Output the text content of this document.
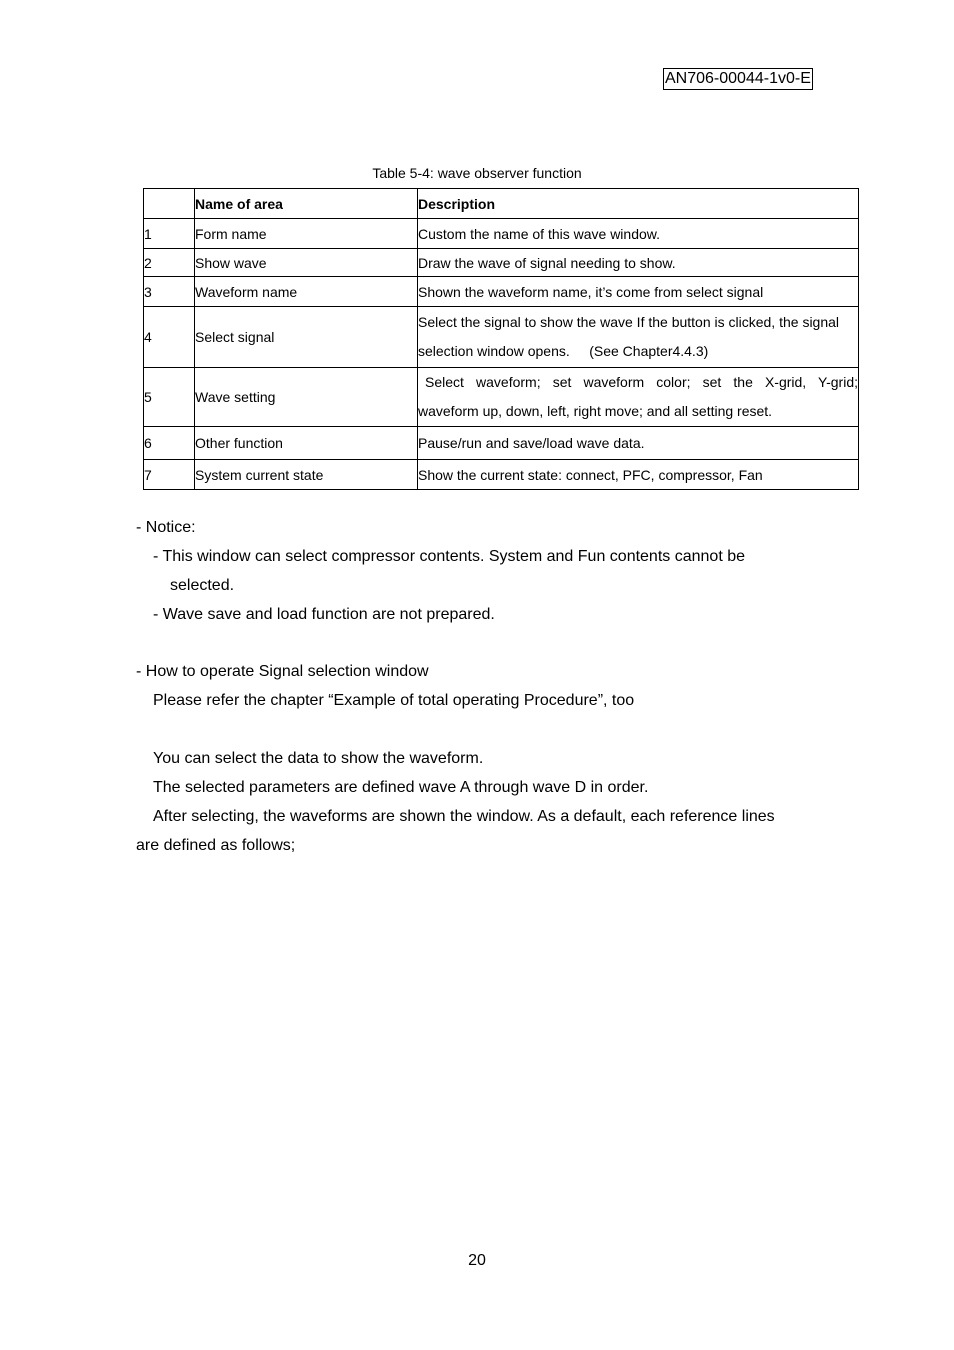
AN706-00044-1v0-E
Table 5-4: wave observer function
	Name of area	Description
1	Form name	Custom the name of this wave window.
2	Show wave	Draw the wave of signal needing to show.
3	Waveform name	Shown the waveform name, it’s come from select signal
4	Select signal	Select the signal to show the wave If the button is clicked, the signal
selection window opens.     (See Chapter4.4.3)

5	Wave setting	Select waveform; set waveform color; set the X-grid, Y-grid;
waveform up, down, left, right move; and all setting reset.

6	Other function	Pause/run and save/load wave data.
7	System current state	Show the current state: connect, PFC, compressor, Fan
- Notice:
- This window can select compressor contents. System and Fun contents cannot be
selected.
- Wave save and load function are not prepared.
- How to operate Signal selection window
Please refer the chapter “Example of total operating Procedure”, too
You can select the data to show the waveform.
The selected parameters are defined wave A through wave D in order.
After selecting, the waveforms are shown the window. As a default, each reference lines
are defined as follows;
20
